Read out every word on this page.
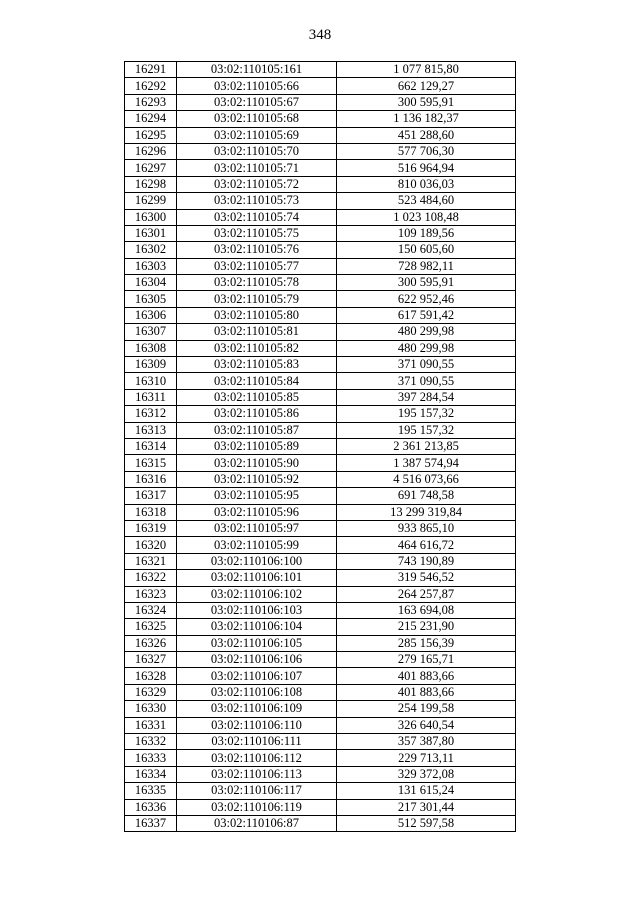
348
16291	03:02:110105:161	1 077 815,80
16292	03:02:110105:66	662 129,27
16293	03:02:110105:67	300 595,91
16294	03:02:110105:68	1 136 182,37
16295	03:02:110105:69	451 288,60
16296	03:02:110105:70	577 706,30
16297	03:02:110105:71	516 964,94
16298	03:02:110105:72	810 036,03
16299	03:02:110105:73	523 484,60
16300	03:02:110105:74	1 023 108,48
16301	03:02:110105:75	109 189,56
16302	03:02:110105:76	150 605,60
16303	03:02:110105:77	728 982,11
16304	03:02:110105:78	300 595,91
16305	03:02:110105:79	622 952,46
16306	03:02:110105:80	617 591,42
16307	03:02:110105:81	480 299,98
16308	03:02:110105:82	480 299,98
16309	03:02:110105:83	371 090,55
16310	03:02:110105:84	371 090,55
16311	03:02:110105:85	397 284,54
16312	03:02:110105:86	195 157,32
16313	03:02:110105:87	195 157,32
16314	03:02:110105:89	2 361 213,85
16315	03:02:110105:90	1 387 574,94
16316	03:02:110105:92	4 516 073,66
16317	03:02:110105:95	691 748,58
16318	03:02:110105:96	13 299 319,84
16319	03:02:110105:97	933 865,10
16320	03:02:110105:99	464 616,72
16321	03:02:110106:100	743 190,89
16322	03:02:110106:101	319 546,52
16323	03:02:110106:102	264 257,87
16324	03:02:110106:103	163 694,08
16325	03:02:110106:104	215 231,90
16326	03:02:110106:105	285 156,39
16327	03:02:110106:106	279 165,71
16328	03:02:110106:107	401 883,66
16329	03:02:110106:108	401 883,66
16330	03:02:110106:109	254 199,58
16331	03:02:110106:110	326 640,54
16332	03:02:110106:111	357 387,80
16333	03:02:110106:112	229 713,11
16334	03:02:110106:113	329 372,08
16335	03:02:110106:117	131 615,24
16336	03:02:110106:119	217 301,44
16337	03:02:110106:87	512 597,58
